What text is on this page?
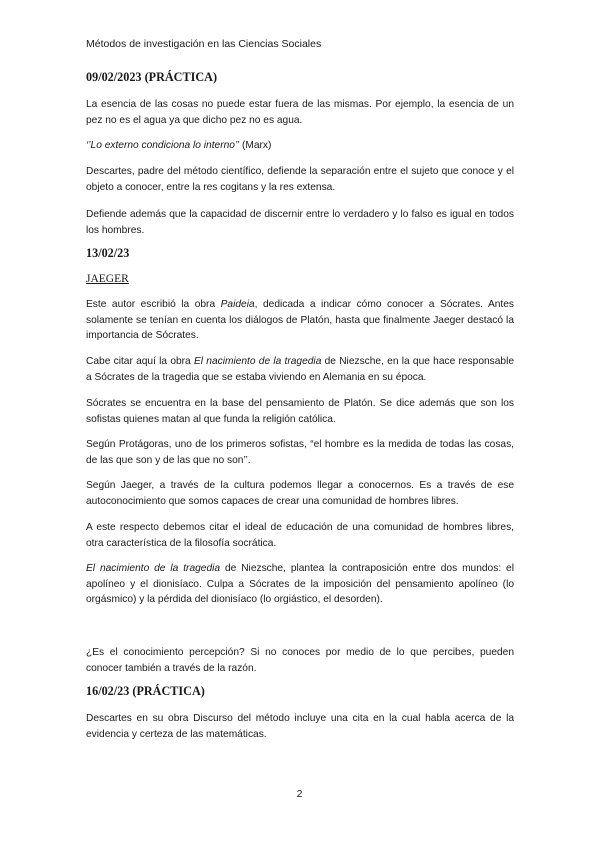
Métodos de investigación en las Ciencias Sociales
09/02/2023 (PRÁCTICA)

La esencia de las cosas no puede estar fuera de las mismas. Por ejemplo, la esencia de un pez no es el agua ya que dicho pez no es agua.

‘’Lo externo condiciona lo interno’’ (Marx)

Descartes, padre del método científico, defiende la separación entre el sujeto que conoce y el objeto a conocer, entre la res cogitans y la res extensa.

Defiende además que la capacidad de discernir entre lo verdadero y lo falso es igual en todos los hombres.

13/02/23
JAEGER

Este autor escribió la obra Paideia, dedicada a indicar cómo conocer a Sócrates. Antes solamente se tenían en cuenta los diálogos de Platón, hasta que finalmente Jaeger destacó la importancia de Sócrates.

Cabe citar aquí la obra El nacimiento de la tragedia de Niezsche, en la que hace responsable a Sócrates de la tragedia que se estaba viviendo en Alemania en su época.

Sócrates se encuentra en la base del pensamiento de Platón. Se dice además que son los sofistas quienes matan al que funda la religión católica.

Según Protágoras, uno de los primeros sofistas, “el hombre es la medida de todas las cosas, de las que son y de las que no son’’.

Según Jaeger, a través de la cultura podemos llegar a conocernos. Es a través de ese autoconocimiento que somos capaces de crear una comunidad de hombres libres.

A este respecto debemos citar el ideal de educación de una comunidad de hombres libres, otra característica de la filosofía socrática.

El nacimiento de la tragedia de Niezsche, plantea la contraposición entre dos mundos: el apolíneo y el dionisíaco. Culpa a Sócrates de la imposición del pensamiento apolíneo (lo orgásmico) y la pérdida del dionisíaco (lo orgiástico, el desorden).

¿Es el conocimiento percepción? Si no conoces por medio de lo que percibes, pueden conocer también a través de la razón.

16/02/23 (PRÁCTICA)

Descartes en su obra Discurso del método incluye una cita en la cual habla acerca de la evidencia y certeza de las matemáticas.

2
